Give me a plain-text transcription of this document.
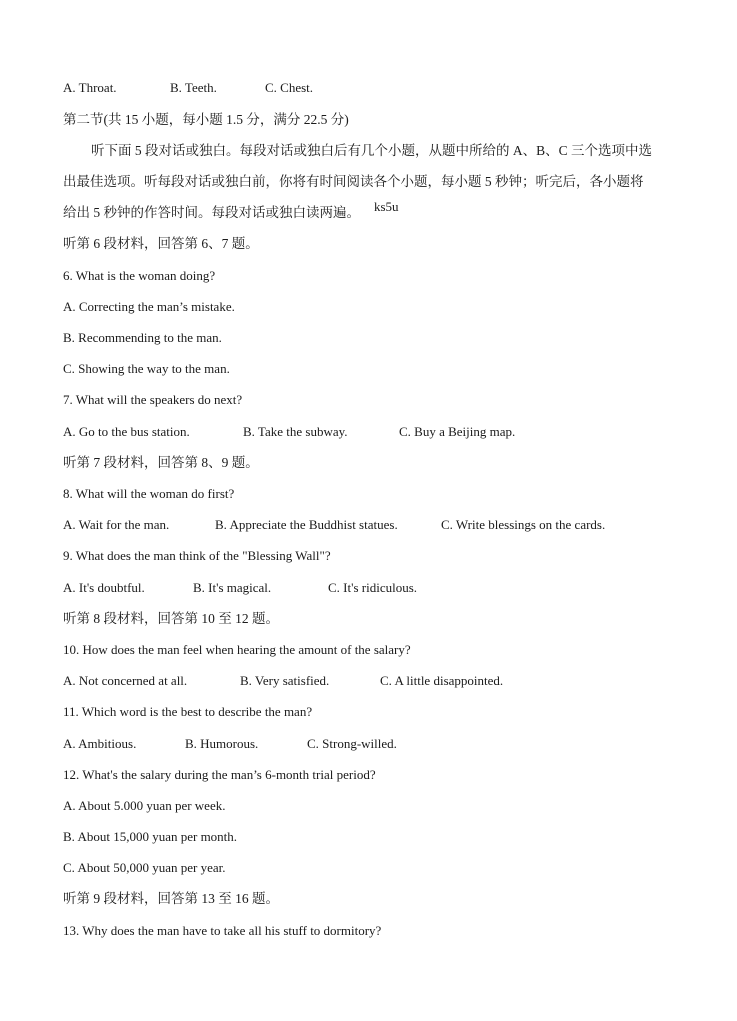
A. Throat.	B. Teeth.	C. Chest.
第二节(共 15 小题，每小题 1.5 分，满分 22.5 分)
听下面 5 段对话或独白。每段对话或独白后有几个小题，从题中所给的 A、B、C 三个选项中选
出最佳选项。听每段对话或独白前，你将有时间阅读各个小题，每小题 5 秒钟；听完后，各小题将
给出 5 秒钟的作答时间。每段对话或独白读两遍。 ks5u
听第 6 段材料，回答第 6、7 题。
6. What is the woman doing?
A. Correcting the man’s mistake.
B. Recommending to the man.
C. Showing the way to the man.
7. What will the speakers do next?
A. Go to the bus station.	B. Take the subway.	C. Buy a Beijing map.
听第 7 段材料，回答第 8、9 题。
8. What will the woman do first?
A. Wait for the man.	B. Appreciate the Buddhist statues.	C. Write blessings on the cards.
9. What does the man think of the "Blessing Wall"?
A. It's doubtful.	B. It's magical.	C. It's ridiculous.
听第 8 段材料，回答第 10 至 12 题。
10. How does the man feel when hearing the amount of the salary?
A. Not concerned at all.	B. Very satisfied.	C. A little disappointed.
11. Which word is the best to describe the man?
A. Ambitious.	B. Humorous.	C. Strong-willed.
12. What's the salary during the man’s 6-month trial period?
A. About 5.000 yuan per week.
B. About 15,000 yuan per month.
C. About 50,000 yuan per year.
听第 9 段材料，回答第 13 至 16 题。
13. Why does the man have to take all his stuff to dormitory?
